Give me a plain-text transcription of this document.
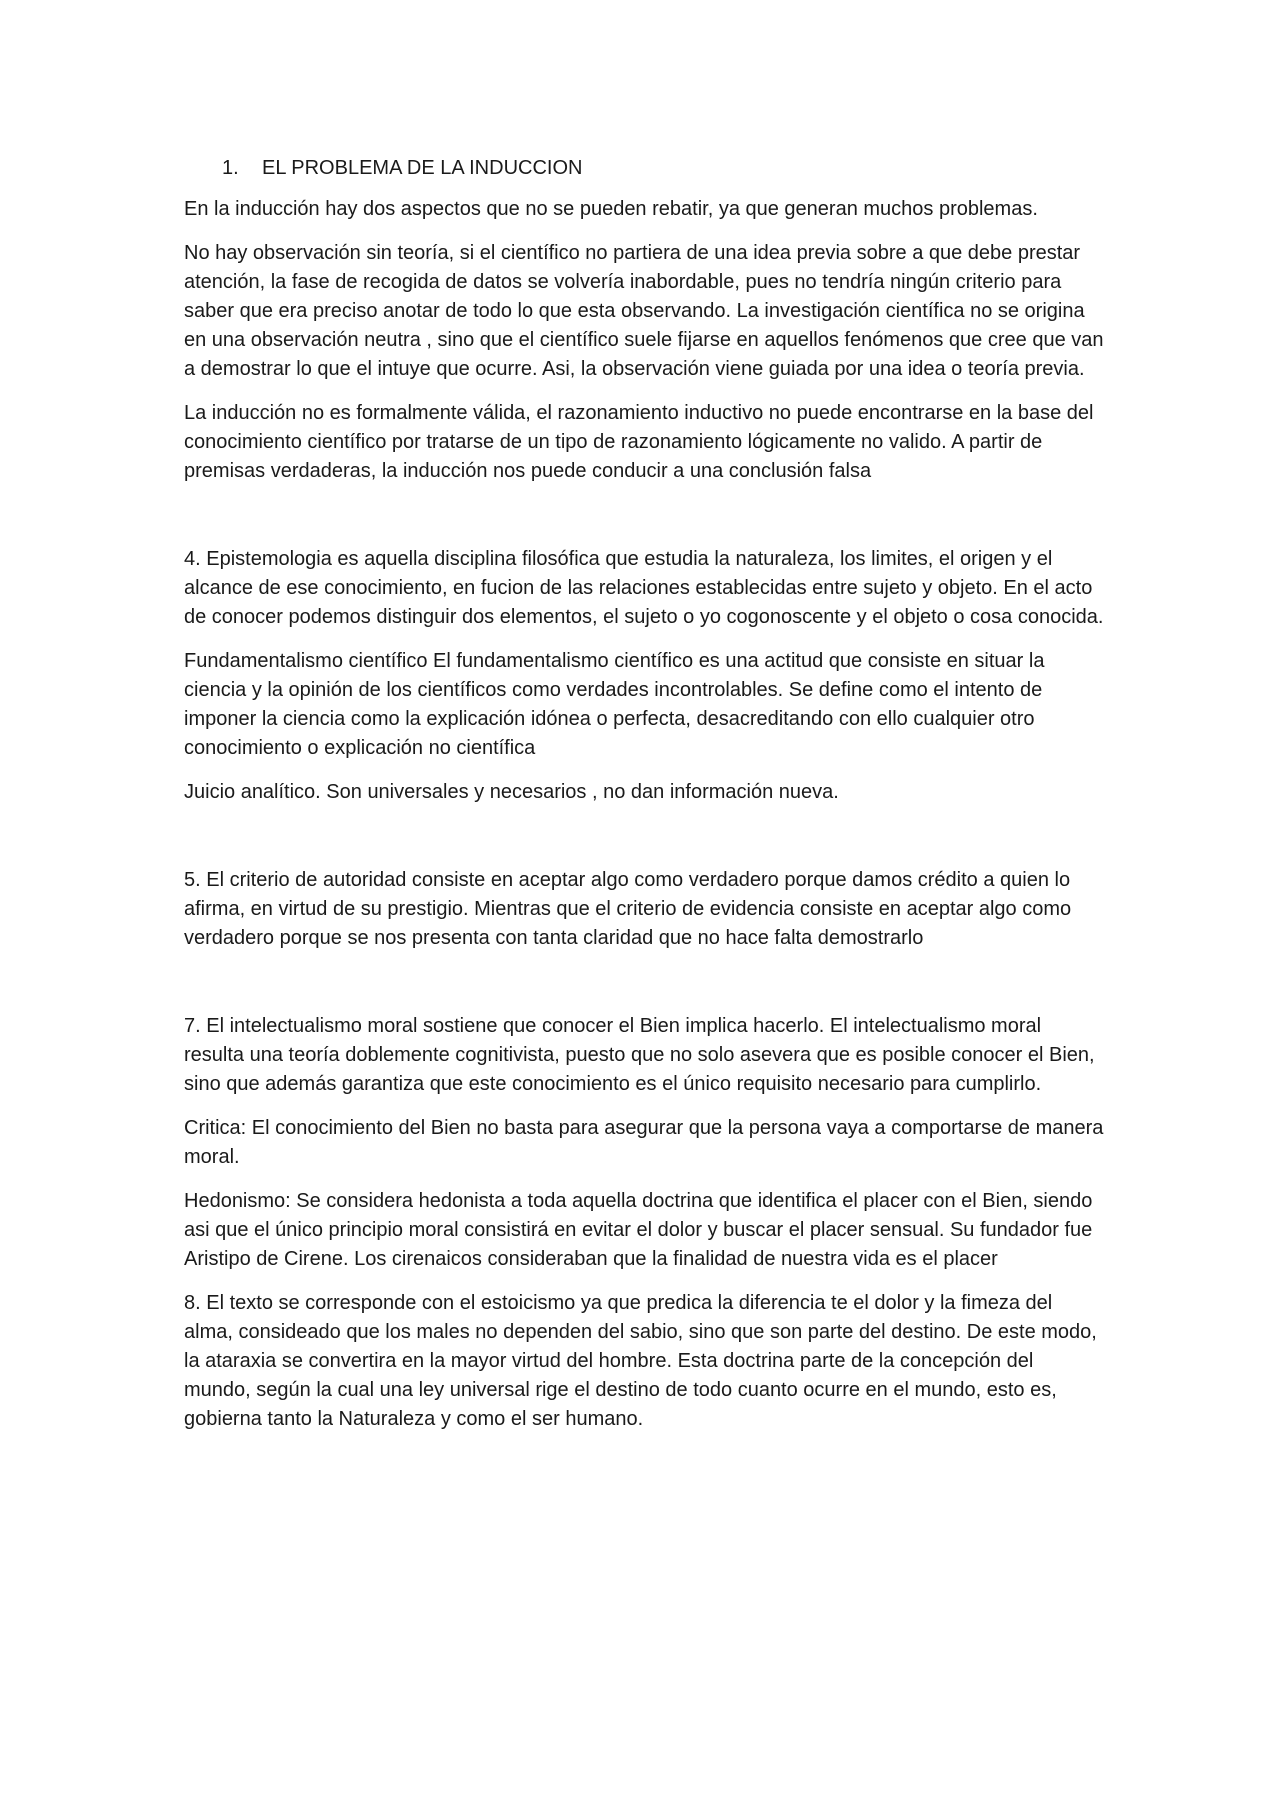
1.	EL PROBLEMA DE LA INDUCCION

En la inducción hay dos aspectos que no se pueden rebatir, ya que generan muchos problemas.

No hay observación sin teoría, si el científico no partiera de una idea previa sobre a que debe prestar atención, la fase de recogida de datos se volvería inabordable, pues no tendría ningún criterio para saber que era preciso anotar de todo lo que esta observando. La investigación científica no se origina en una observación neutra , sino que el científico suele fijarse en aquellos fenómenos que cree que van a demostrar lo que el intuye que ocurre. Asi, la observación viene guiada por una idea o teoría previa.

La inducción no es formalmente válida, el razonamiento inductivo no puede encontrarse en la base del conocimiento científico por tratarse de un tipo de razonamiento lógicamente no valido. A partir de premisas verdaderas, la inducción nos puede conducir a una conclusión falsa

4. Epistemologia es aquella disciplina filosófica que estudia la naturaleza, los limites, el origen y el alcance de ese conocimiento, en fucion de las relaciones establecidas entre sujeto y objeto. En el acto de conocer podemos distinguir dos elementos, el sujeto o yo cogonoscente y el objeto o cosa conocida.

Fundamentalismo científico El fundamentalismo científico es una actitud que consiste en situar la ciencia y la opinión de los científicos como verdades incontrolables. Se define como el intento de imponer la ciencia como la explicación idónea o perfecta, desacreditando con ello cualquier otro conocimiento o explicación no científica

Juicio analítico. Son universales y necesarios , no dan información nueva.

5. El criterio de autoridad consiste en aceptar algo como verdadero porque damos crédito a quien lo afirma, en virtud de su prestigio. Mientras que el criterio de evidencia consiste en aceptar algo como verdadero porque se nos presenta con tanta claridad que no hace falta demostrarlo

7. El intelectualismo moral sostiene que conocer el Bien implica hacerlo. El intelectualismo moral resulta una teoría doblemente cognitivista, puesto que no solo asevera que es posible conocer el Bien, sino que además garantiza que este conocimiento es el único requisito necesario para cumplirlo.

Critica: El conocimiento del Bien no basta para asegurar que la persona vaya a comportarse de manera moral.

Hedonismo: Se considera hedonista a toda aquella doctrina que identifica el placer con el Bien, siendo asi que el único principio moral consistirá en evitar el dolor y buscar el placer sensual. Su fundador fue Aristipo de Cirene. Los cirenaicos consideraban que la finalidad de nuestra vida es el placer

8. El texto se corresponde con el estoicismo ya que predica la diferencia te el dolor y la fimeza del alma, consideado que los males no dependen del sabio, sino que son parte del destino. De este modo, la ataraxia se convertira en la mayor virtud del hombre. Esta doctrina parte de la concepción del mundo, según la cual una ley universal rige el destino de todo cuanto ocurre en el mundo, esto es, gobierna tanto la Naturaleza y como el ser humano.
